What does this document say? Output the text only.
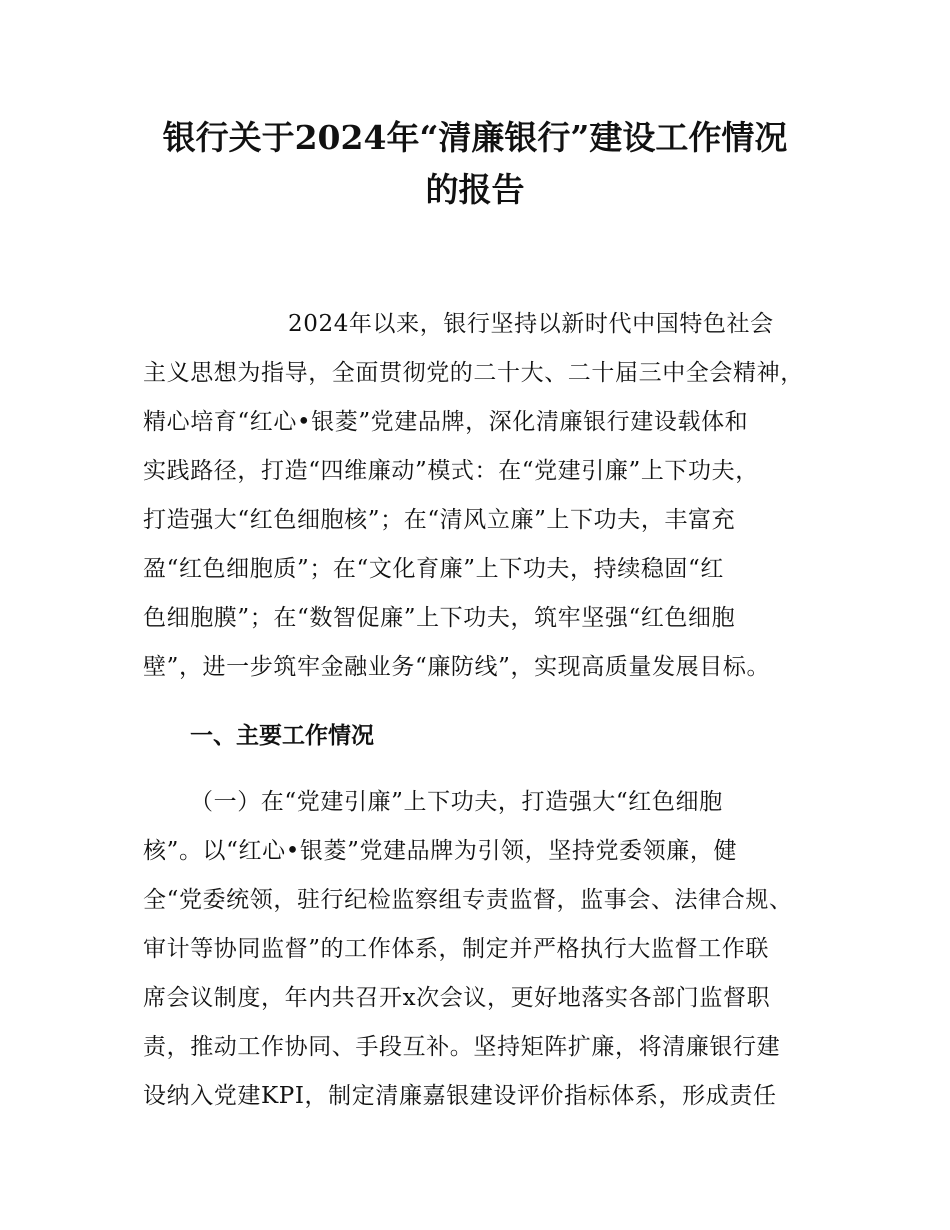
银行关于2024年“清廉银行”建设工作情况
的报告

2024年以来，银行坚持以新时代中国特色社会

主义思想为指导，全面贯彻党的二十大、二十届三中全会精神，

精心培育“红心•银菱”党建品牌，深化清廉银行建设载体和

实践路径，打造“四维廉动”模式：在“党建引廉”上下功夫，

打造强大“红色细胞核”；在“清风立廉”上下功夫，丰富充

盈“红色细胞质”；在“文化育廉”上下功夫，持续稳固“红

色细胞膜”；在“数智促廉”上下功夫，筑牢坚强“红色细胞

壁”，进一步筑牢金融业务“廉防线”，实现高质量发展目标。

一、主要工作情况

（一）在“党建引廉”上下功夫，打造强大“红色细胞

核”。以“红心•银菱”党建品牌为引领，坚持党委领廉，健

全“党委统领，驻行纪检监察组专责监督，监事会、法律合规、

审计等协同监督”的工作体系，制定并严格执行大监督工作联

席会议制度，年内共召开x次会议，更好地落实各部门监督职

责，推动工作协同、手段互补。坚持矩阵扩廉，将清廉银行建

设纳入党建KPI，制定清廉嘉银建设评价指标体系，形成责任
